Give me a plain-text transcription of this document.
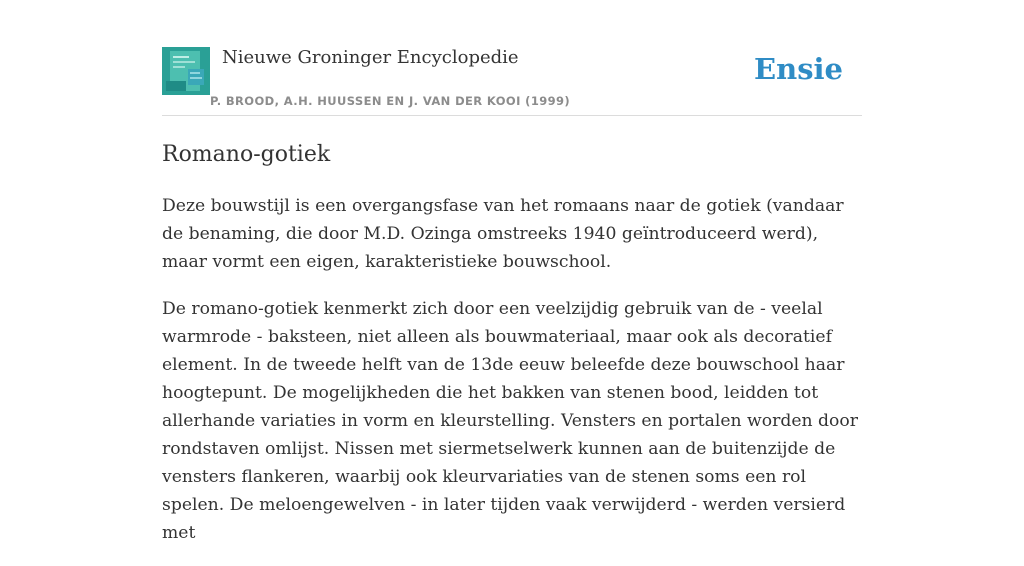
Nieuwe Groninger Encyclopedie
P. BROOD, A.H. HUUSSEN EN J. VAN DER KOOI (1999)
Ensie
Romano-gotiek

Deze bouwstijl is een overgangsfase van het romaans naar de gotiek (vandaar de benaming, die door M.D. Ozinga omstreeks 1940 geïntroduceerd werd), maar vormt een eigen, karakteristieke bouwschool.

De romano-gotiek kenmerkt zich door een veelzijdig gebruik van de - veelal warmrode - baksteen, niet alleen als bouwmateriaal, maar ook als decoratief element. In de tweede helft van de 13de eeuw beleefde deze bouwschool haar hoogtepunt. De mogelijkheden die het bakken van stenen bood, leidden tot allerhande variaties in vorm en kleurstelling. Vensters en portalen worden door rondstaven omlijst. Nissen met siermetselwerk kunnen aan de buitenzijde de vensters flankeren, waarbij ook kleurvariaties van de stenen soms een rol spelen. De meloengewelven - in later tijden vaak verwijderd - werden versierd met
